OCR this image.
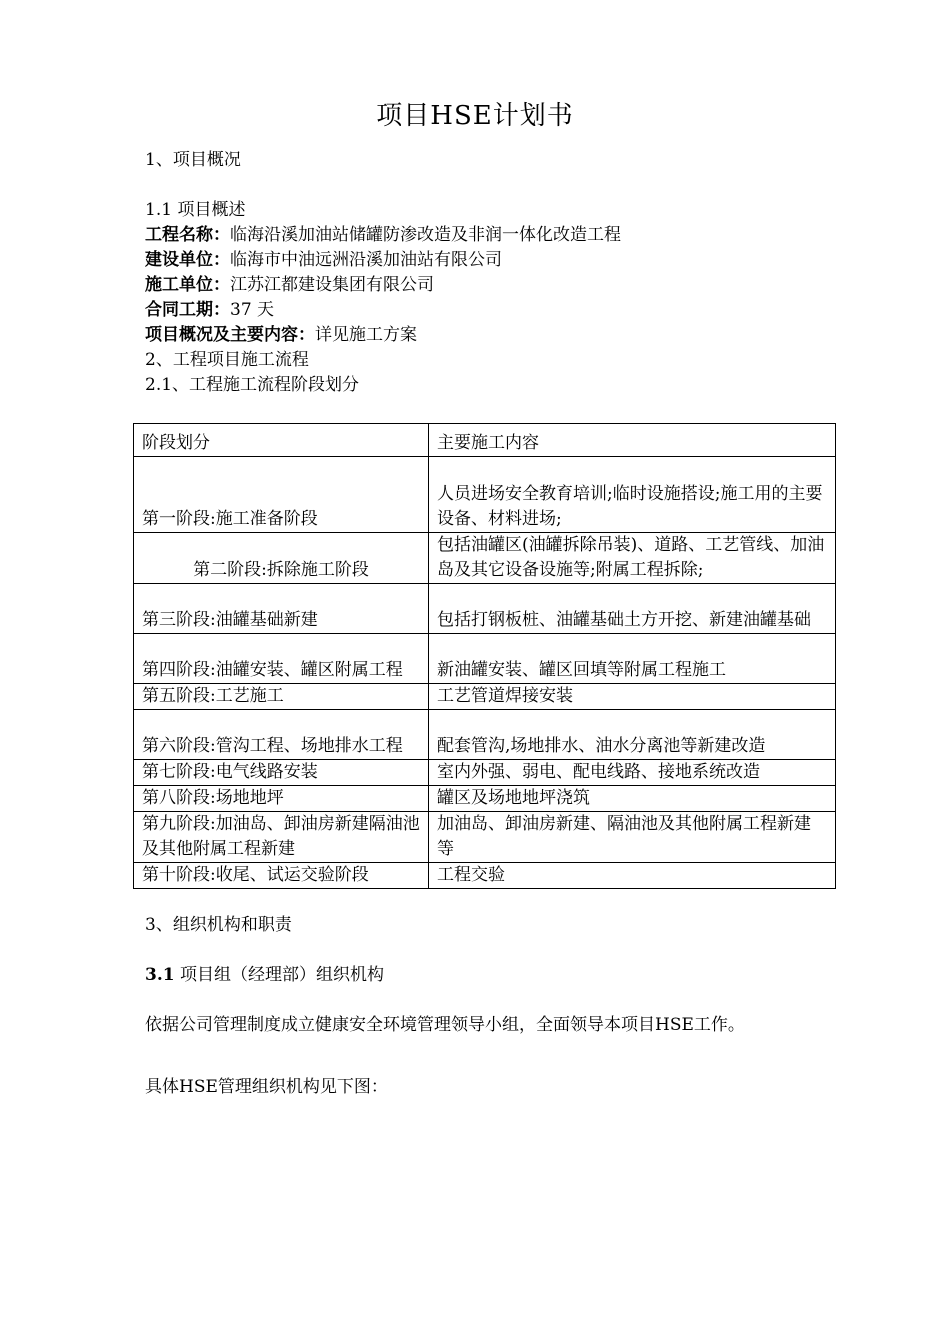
项目HSE计划书
1、项目概况
1.1 项目概述
工程名称：临海沿溪加油站储罐防渗改造及非润一体化改造工程
建设单位：临海市中油远洲沿溪加油站有限公司
施工单位：江苏江都建设集团有限公司
合同工期：37 天
项目概况及主要内容：详见施工方案
2、工程项目施工流程
2.1、工程施工流程阶段划分
阶段划分	主要施工内容
第一阶段:施工准备阶段	人员进场安全教育培训;临时设施搭设;施工用的主要设备、材料进场;
第二阶段:拆除施工阶段	包括油罐区(油罐拆除吊装)、道路、工艺管线、加油岛及其它设备设施等;附属工程拆除;
第三阶段:油罐基础新建	包括打钢板桩、油罐基础土方开挖、新建油罐基础
第四阶段:油罐安装、罐区附属工程	新油罐安装、罐区回填等附属工程施工
第五阶段:工艺施工	工艺管道焊接安装
第六阶段:管沟工程、场地排水工程	配套管沟,场地排水、油水分离池等新建改造
第七阶段:电气线路安装	室内外强、弱电、配电线路、接地系统改造
第八阶段:场地地坪	罐区及场地地坪浇筑
第九阶段:加油岛、卸油房新建隔油池及其他附属工程新建	加油岛、卸油房新建、隔油池及其他附属工程新建等
第十阶段:收尾、试运交验阶段	工程交验
3、组织机构和职责
3.1 项目组（经理部）组织机构
依据公司管理制度成立健康安全环境管理领导小组，全面领导本项目HSE工作。
具体HSE管理组织机构见下图：
